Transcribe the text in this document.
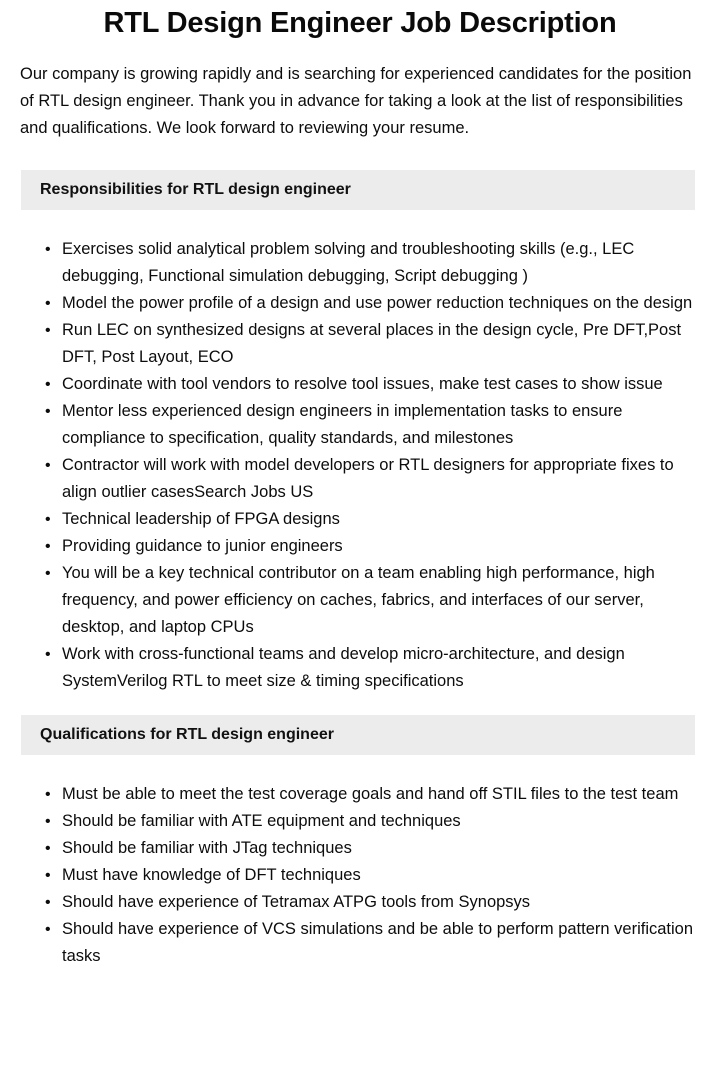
RTL Design Engineer Job Description

Our company is growing rapidly and is searching for experienced candidates for the position of RTL design engineer. Thank you in advance for taking a look at the list of responsibilities and qualifications. We look forward to reviewing your resume.

Responsibilities for RTL design engineer
• Exercises solid analytical problem solving and troubleshooting skills (e.g., LEC debugging, Functional simulation debugging, Script debugging )
• Model the power profile of a design and use power reduction techniques on the design
• Run LEC on synthesized designs at several places in the design cycle, Pre DFT,Post DFT, Post Layout, ECO
• Coordinate with tool vendors to resolve tool issues, make test cases to show issue
• Mentor less experienced design engineers in implementation tasks to ensure compliance to specification, quality standards, and milestones
• Contractor will work with model developers or RTL designers for appropriate fixes to align outlier casesSearch Jobs US
• Technical leadership of FPGA designs
• Providing guidance to junior engineers
• You will be a key technical contributor on a team enabling high performance, high frequency, and power efficiency on caches, fabrics, and interfaces of our server, desktop, and laptop CPUs
• Work with cross-functional teams and develop micro-architecture, and design SystemVerilog RTL to meet size & timing specifications
Qualifications for RTL design engineer
• Must be able to meet the test coverage goals and hand off STIL files to the test team
• Should be familiar with ATE equipment and techniques
• Should be familiar with JTag techniques
• Must have knowledge of DFT techniques
• Should have experience of Tetramax ATPG tools from Synopsys
• Should have experience of VCS simulations and be able to perform pattern verification tasks
